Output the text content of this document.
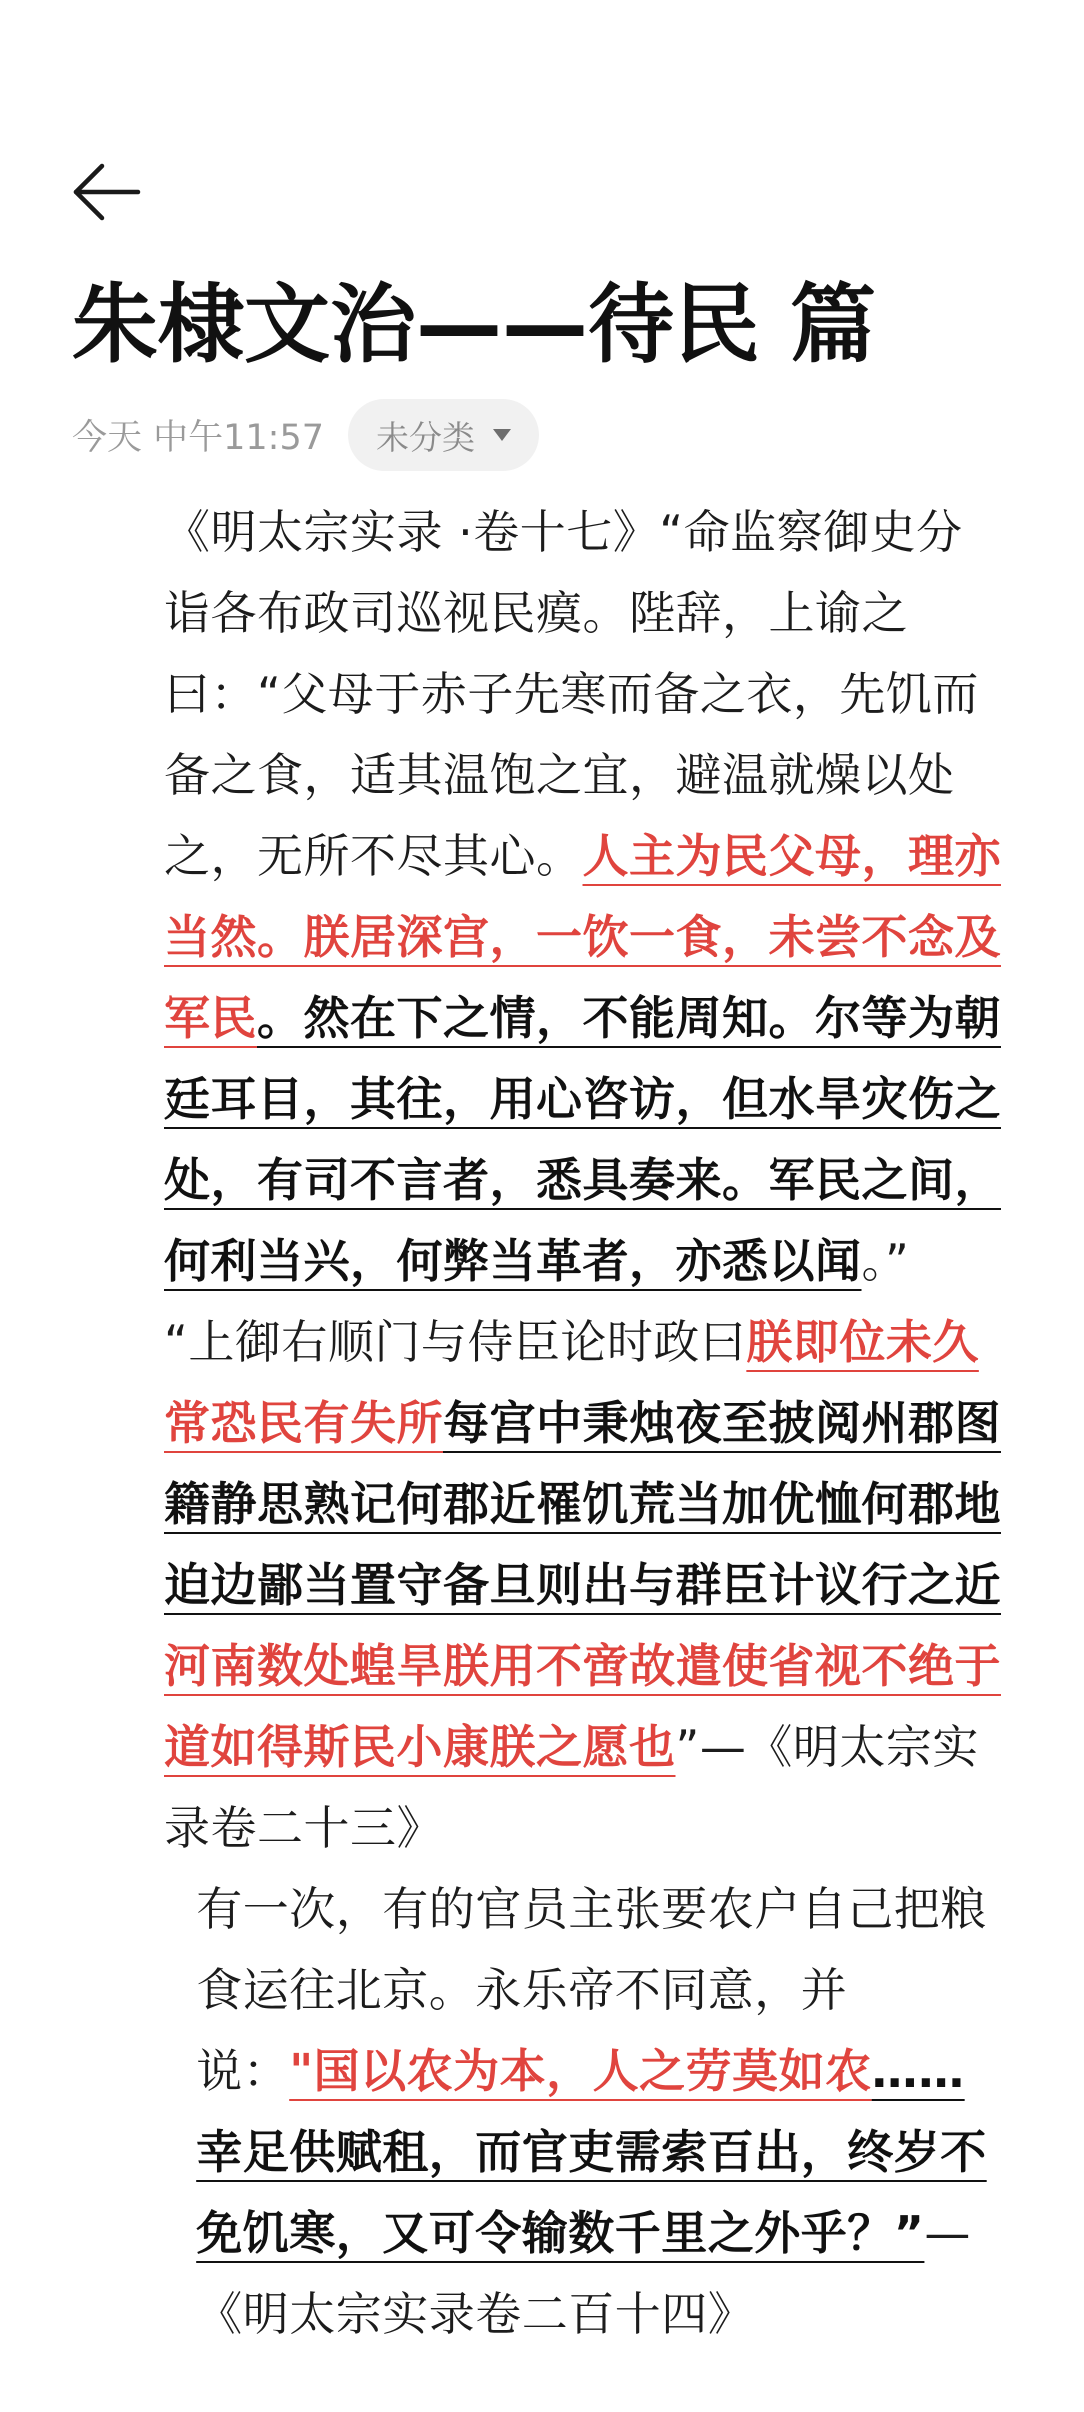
朱棣文治——待民 篇
今天 中午11:57 未分类

《明太宗实录 ·卷十七》“命监察御史分诣各布政司巡视民瘼。陛辞，上谕之曰：“父母于赤子先寒而备之衣，先饥而备之食，适其温饱之宜，避温就燥以处之，无所不尽其心。人主为民父母，理亦当然。朕居深宫，一饮一食，未尝不念及军民。然在下之情，不能周知。尔等为朝廷耳目，其往，用心咨访，但水旱灾伤之处，有司不言者，悉具奏来。军民之间，何利当兴，何弊当革者，亦悉以闻。”

“上御右顺门与侍臣论时政曰朕即位未久常恐民有失所每宫中秉烛夜至披阅州郡图籍静思熟记何郡近罹饥荒当加优恤何郡地迫边鄙当置守备旦则出与群臣计议行之近河南数处蝗旱朕用不啻故遣使省视不绝于道如得斯民小康朕之愿也”—《明太宗实录卷二十三》

有一次，有的官员主张要农户自己把粮食运往北京。永乐帝不同意，并说："国以农为本，人之劳莫如农……幸足供赋租，而官吏需索百出，终岁不免饥寒，又可令输数千里之外乎？”—《明太宗实录卷二百十四》
